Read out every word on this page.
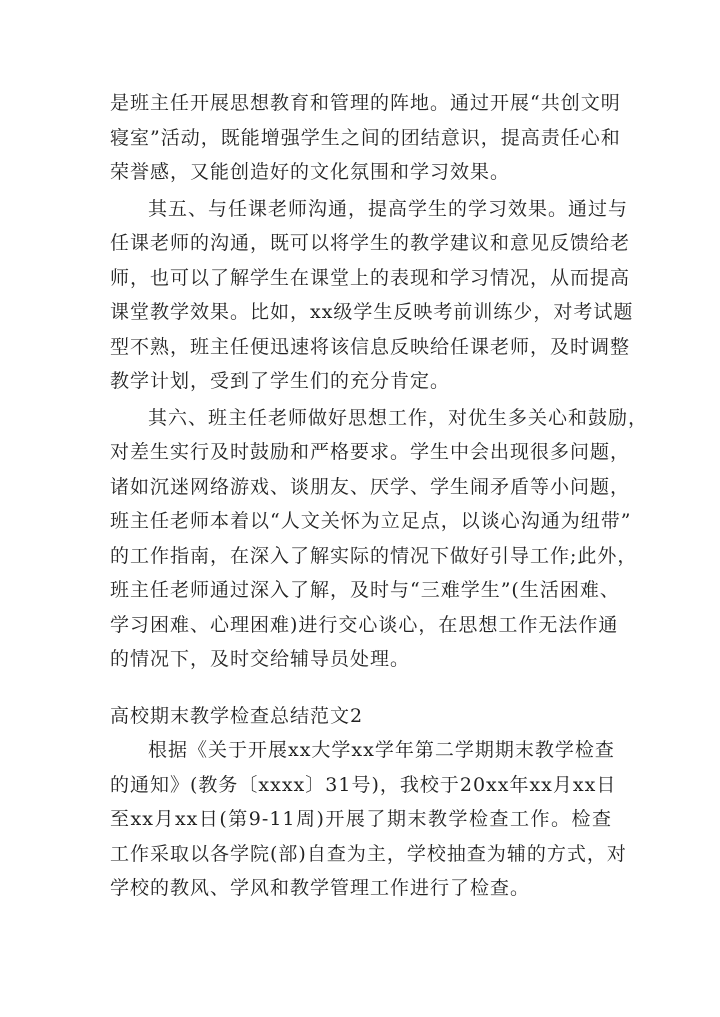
是班主任开展思想教育和管理的阵地。通过开展“共创文明
寝室”活动，既能增强学生之间的团结意识，提高责任心和
荣誉感，又能创造好的文化氛围和学习效果。
其五、与任课老师沟通，提高学生的学习效果。通过与
任课老师的沟通，既可以将学生的教学建议和意见反馈给老
师，也可以了解学生在课堂上的表现和学习情况，从而提高
课堂教学效果。比如，xx级学生反映考前训练少，对考试题
型不熟，班主任便迅速将该信息反映给任课老师，及时调整
教学计划，受到了学生们的充分肯定。
其六、班主任老师做好思想工作，对优生多关心和鼓励，
对差生实行及时鼓励和严格要求。学生中会出现很多问题，
诸如沉迷网络游戏、谈朋友、厌学、学生闹矛盾等小问题，
班主任老师本着以“人文关怀为立足点，以谈心沟通为纽带”
的工作指南，在深入了解实际的情况下做好引导工作;此外，
班主任老师通过深入了解，及时与“三难学生”(生活困难、
学习困难、心理困难)进行交心谈心，在思想工作无法作通
的情况下，及时交给辅导员处理。
高校期末教学检查总结范文2
根据《关于开展xx大学xx学年第二学期期末教学检查
的通知》(教务〔xxxx〕31号)，我校于20xx年xx月xx日
至xx月xx日(第9-11周)开展了期末教学检查工作。检查
工作采取以各学院(部)自查为主，学校抽查为辅的方式，对
学校的教风、学风和教学管理工作进行了检查。
